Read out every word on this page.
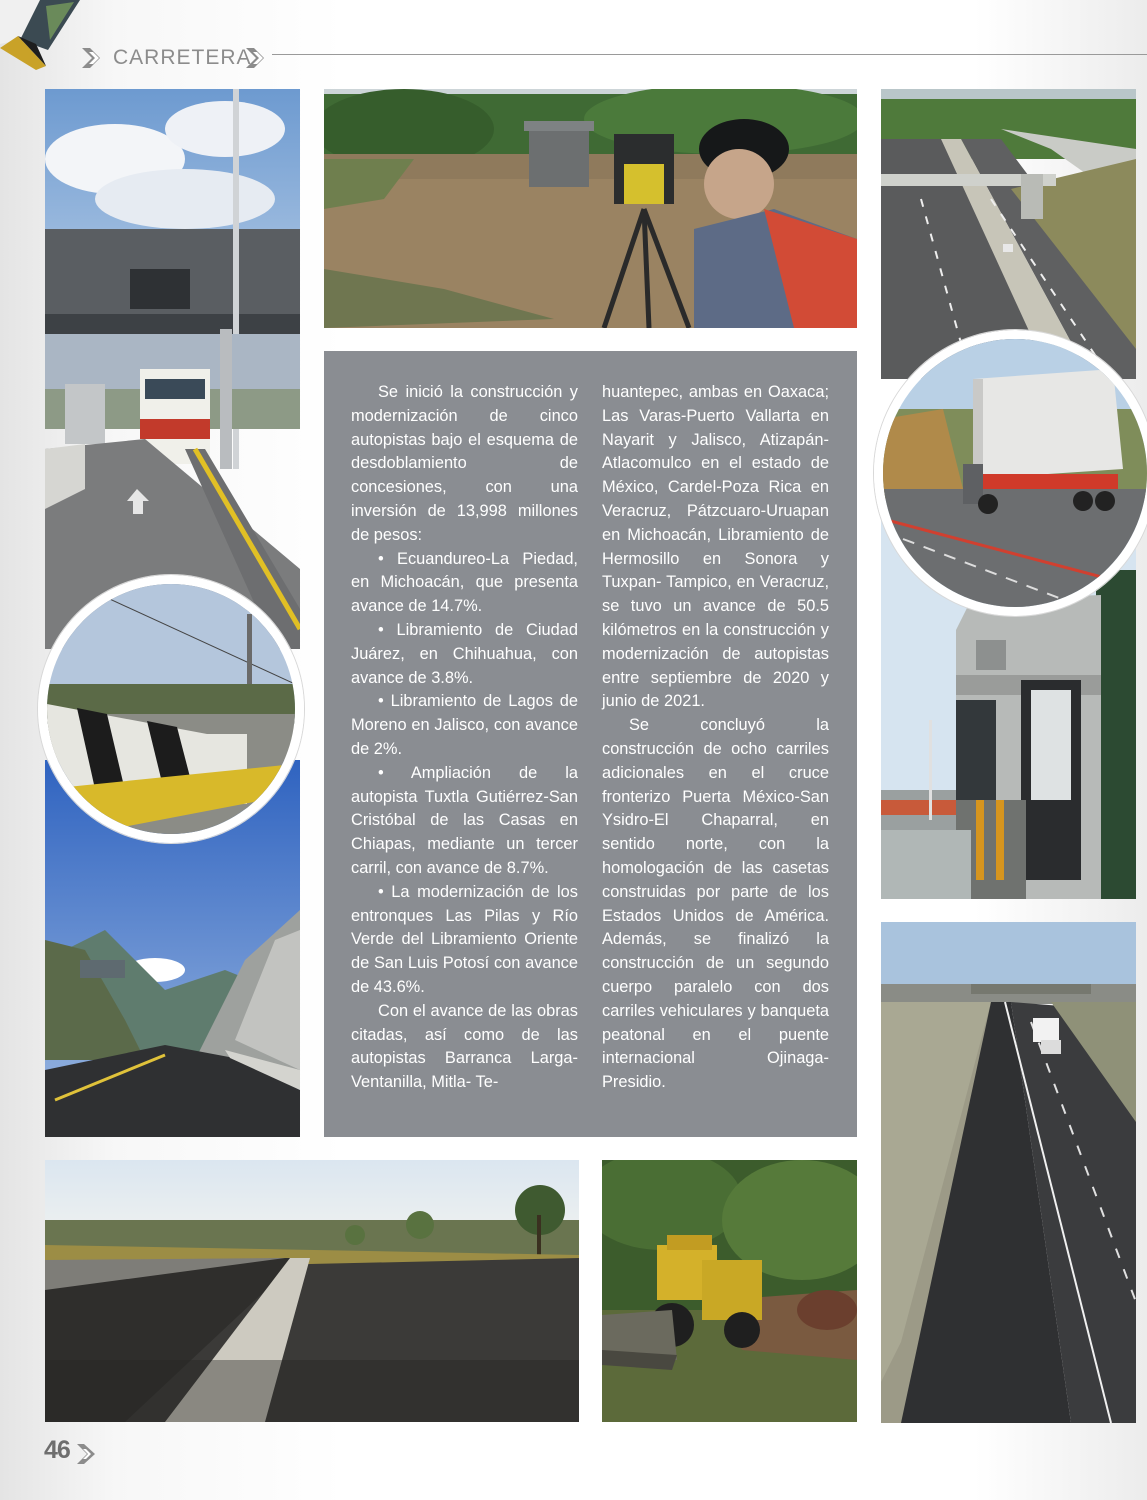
CARRETERA

Se inició la construcción y modernización de cinco autopistas bajo el esquema de desdoblamiento de concesiones, con una inversión de 13,998 millones de pesos:

• Ecuandureo-La Piedad, en Michoacán, que presenta avance de 14.7%.

• Libramiento de Ciudad Juárez, en Chihuahua, con avance de 3.8%.

• Libramiento de Lagos de Moreno en Jalisco, con avance de 2%.

• Ampliación de la autopista Tuxtla Gutiérrez-San Cristóbal de las Casas en Chiapas, mediante un tercer carril, con avance de 8.7%.

• La modernización de los entronques Las Pilas y Río Verde del Libramiento Oriente de San Luis Potosí con avance de 43.6%.

Con el avance de las obras citadas, así como de las autopistas Barranca Larga-Ventanilla, Mitla- Te-

huantepec, ambas en Oaxaca; Las Varas-Puerto Vallarta en Nayarit y Jalisco, Atizapán-Atlacomulco en el estado de México, Cardel-Poza Rica en Veracruz, Pátzcuaro-Uruapan en Michoacán, Libramiento de Hermosillo en Sonora y Tuxpan- Tampico, en Veracruz, se tuvo un avance de 50.5 kilómetros en la construcción y modernización de autopistas entre septiembre de 2020 y junio de 2021.

Se concluyó la construcción de ocho carriles adicionales en el cruce fronterizo Puerta México-San Ysidro-El Chaparral, en sentido norte, con la homologación de las casetas construidas por parte de los Estados Unidos de América. Además, se finalizó la construcción de un segundo cuerpo paralelo con dos carriles vehiculares y banqueta peatonal en el puente internacional Ojinaga- Presidio.

46
